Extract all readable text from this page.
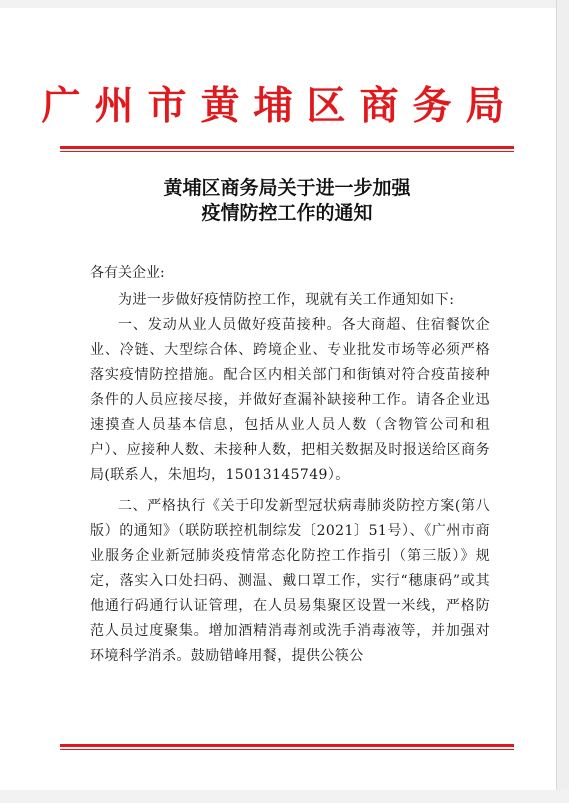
广州市黄埔区商务局
黄埔区商务局关于进一步加强
疫情防控工作的通知
各有关企业:

为进一步做好疫情防控工作，现就有关工作通知如下:

一、发动从业人员做好疫苗接种。各大商超、住宿餐饮企业、冷链、大型综合体、跨境企业、专业批发市场等必须严格落实疫情防控措施。配合区内相关部门和街镇对符合疫苗接种条件的人员应接尽接，并做好查漏补缺接种工作。请各企业迅速摸查人员基本信息，包括从业人员人数（含物管公司和租户）、应接种人数、未接种人数，把相关数据及时报送给区商务局(联系人，朱旭均，15013145749）。

二、严格执行《关于印发新型冠状病毒肺炎防控方案(第八版）的通知》（联防联控机制综发〔2021〕51号）、《广州市商业服务企业新冠肺炎疫情常态化防控工作指引（第三版）》规定，落实入口处扫码、测温、戴口罩工作，实行“穗康码”或其他通行码通行认证管理，在人员易集聚区设置一米线，严格防范人员过度聚集。增加酒精消毒剂或洗手消毒液等，并加强对环境科学消杀。鼓励错峰用餐，提供公筷公
